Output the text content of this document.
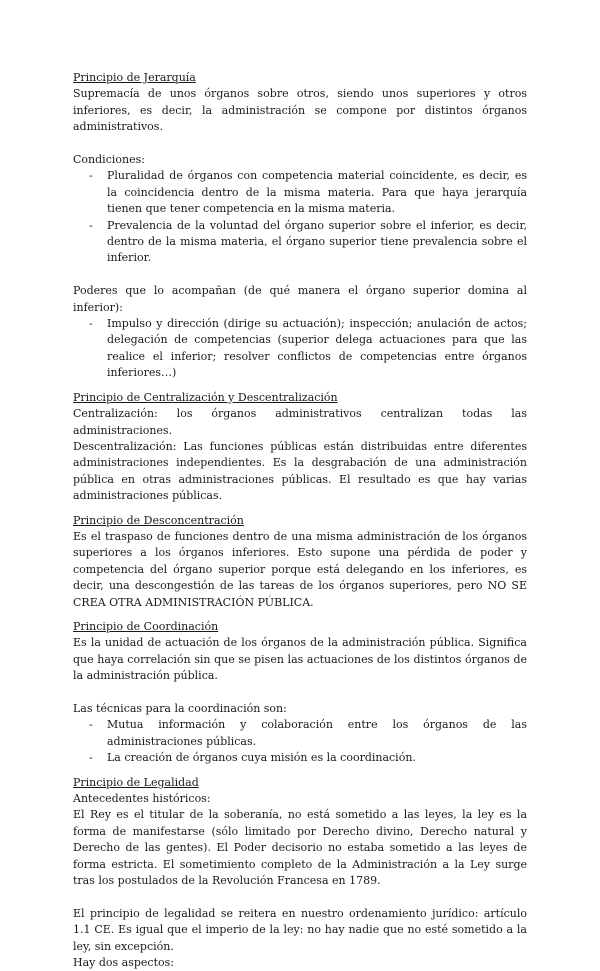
Principio de Jerarquía

Supremacía de unos órganos sobre otros, siendo unos superiores y otros inferiores, es decir, la administración se compone por distintos órganos administrativos.

Condiciones:

- Pluralidad de órganos con competencia material coincidente, es decir, es la coincidencia dentro de la misma materia. Para que haya jerarquía tienen que tener competencia en la misma materia.
- Prevalencia de la voluntad del órgano superior sobre el inferior, es decir, dentro de la misma materia, el órgano superior tiene prevalencia sobre el inferior.

Poderes que lo acompañan (de qué manera el órgano superior domina al inferior):

- Impulso y dirección (dirige su actuación); inspección; anulación de actos; delegación de competencias (superior delega actuaciones para que las realice el inferior; resolver conflictos de competencias entre órganos inferiores…)

Principio de Centralización y Descentralización

Centralización: los órganos administrativos centralizan todas las administraciones.

Descentralización: Las funciones públicas están distribuidas entre diferentes administraciones independientes. Es la desgrabación de una administración pública en otras administraciones públicas. El resultado es que hay varias administraciones públicas.

Principio de Desconcentración

Es el traspaso de funciones dentro de una misma administración de los órganos superiores a los órganos inferiores. Esto supone una pérdida de poder y competencia del órgano superior porque está delegando en los inferiores, es decir, una descongestión de las tareas de los órganos superiores, pero NO SE CREA OTRA ADMINISTRACIÓN PÚBLICA.

Principio de Coordinación

Es la unidad de actuación de los órganos de la administración pública. Significa que haya correlación sin que se pisen las actuaciones de los distintos órganos de la administración pública.

Las técnicas para la coordinación son:

- Mutua información y colaboración entre los órganos de las administraciones públicas.
- La creación de órganos cuya misión es la coordinación.

Principio de Legalidad

Antecedentes históricos:

El Rey es el titular de la soberanía, no está sometido a las leyes, la ley es la forma de manifestarse (sólo limitado por Derecho divino, Derecho natural y Derecho de las gentes). El Poder decisorio no estaba sometido a las leyes de forma estricta. El sometimiento completo de la Administración a la Ley surge tras los postulados de la Revolución Francesa en 1789.

El principio de legalidad se reitera en nuestro ordenamiento jurídico: artículo 1.1 CE. Es igual que el imperio de la ley: no hay nadie que no esté sometido a la ley, sin excepción.

Hay dos aspectos:
